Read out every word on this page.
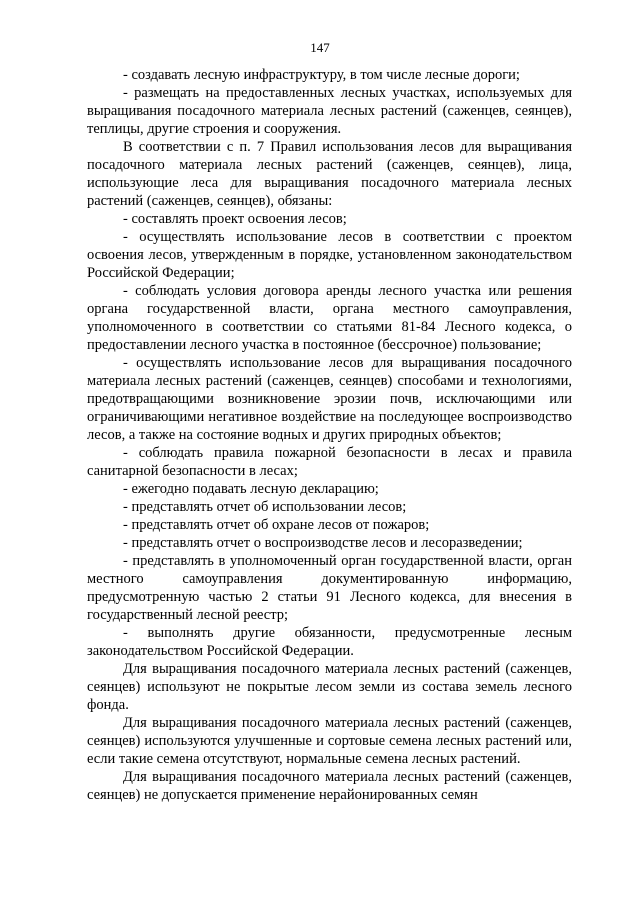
147

- создавать лесную инфраструктуру, в том числе лесные дороги;

- размещать на предоставленных лесных участках, используемых для выращивания посадочного материала лесных растений (саженцев, сеянцев), теплицы, другие строения и сооружения.

В соответствии с п. 7 Правил использования лесов для выращивания посадочного материала лесных растений (саженцев, сеянцев), лица, использующие леса для выращивания посадочного материала лесных растений (саженцев, сеянцев), обязаны:

- составлять проект освоения лесов;

- осуществлять использование лесов в соответствии с проектом освоения лесов, утвержденным в порядке, установленном законодательством Российской Федерации;

- соблюдать условия договора аренды лесного участка или решения органа государственной власти, органа местного самоуправления, уполномоченного в соответствии со статьями 81-84 Лесного кодекса, о предоставлении лесного участка в постоянное (бессрочное) пользование;

- осуществлять использование лесов для выращивания посадочного материала лесных растений (саженцев, сеянцев) способами и технологиями, предотвращающими возникновение эрозии почв, исключающими или ограничивающими негативное воздействие на последующее воспроизводство лесов, а также на состояние водных и других природных объектов;

- соблюдать правила пожарной безопасности в лесах и правила санитарной безопасности в лесах;

- ежегодно подавать лесную декларацию;

- представлять отчет об использовании лесов;

- представлять отчет об охране лесов от пожаров;

- представлять отчет о воспроизводстве лесов и лесоразведении;

- представлять в уполномоченный орган государственной власти, орган местного самоуправления документированную информацию, предусмотренную частью 2 статьи 91 Лесного кодекса, для внесения в государственный лесной реестр;

- выполнять другие обязанности, предусмотренные лесным законодательством Российской Федерации.

Для выращивания посадочного материала лесных растений (саженцев, сеянцев) используют не покрытые лесом земли из состава земель лесного фонда.

Для выращивания посадочного материала лесных растений (саженцев, сеянцев) используются улучшенные и сортовые семена лесных растений или, если такие семена отсутствуют, нормальные семена лесных растений.

Для выращивания посадочного материала лесных растений (саженцев, сеянцев) не допускается применение нерайонированных семян
